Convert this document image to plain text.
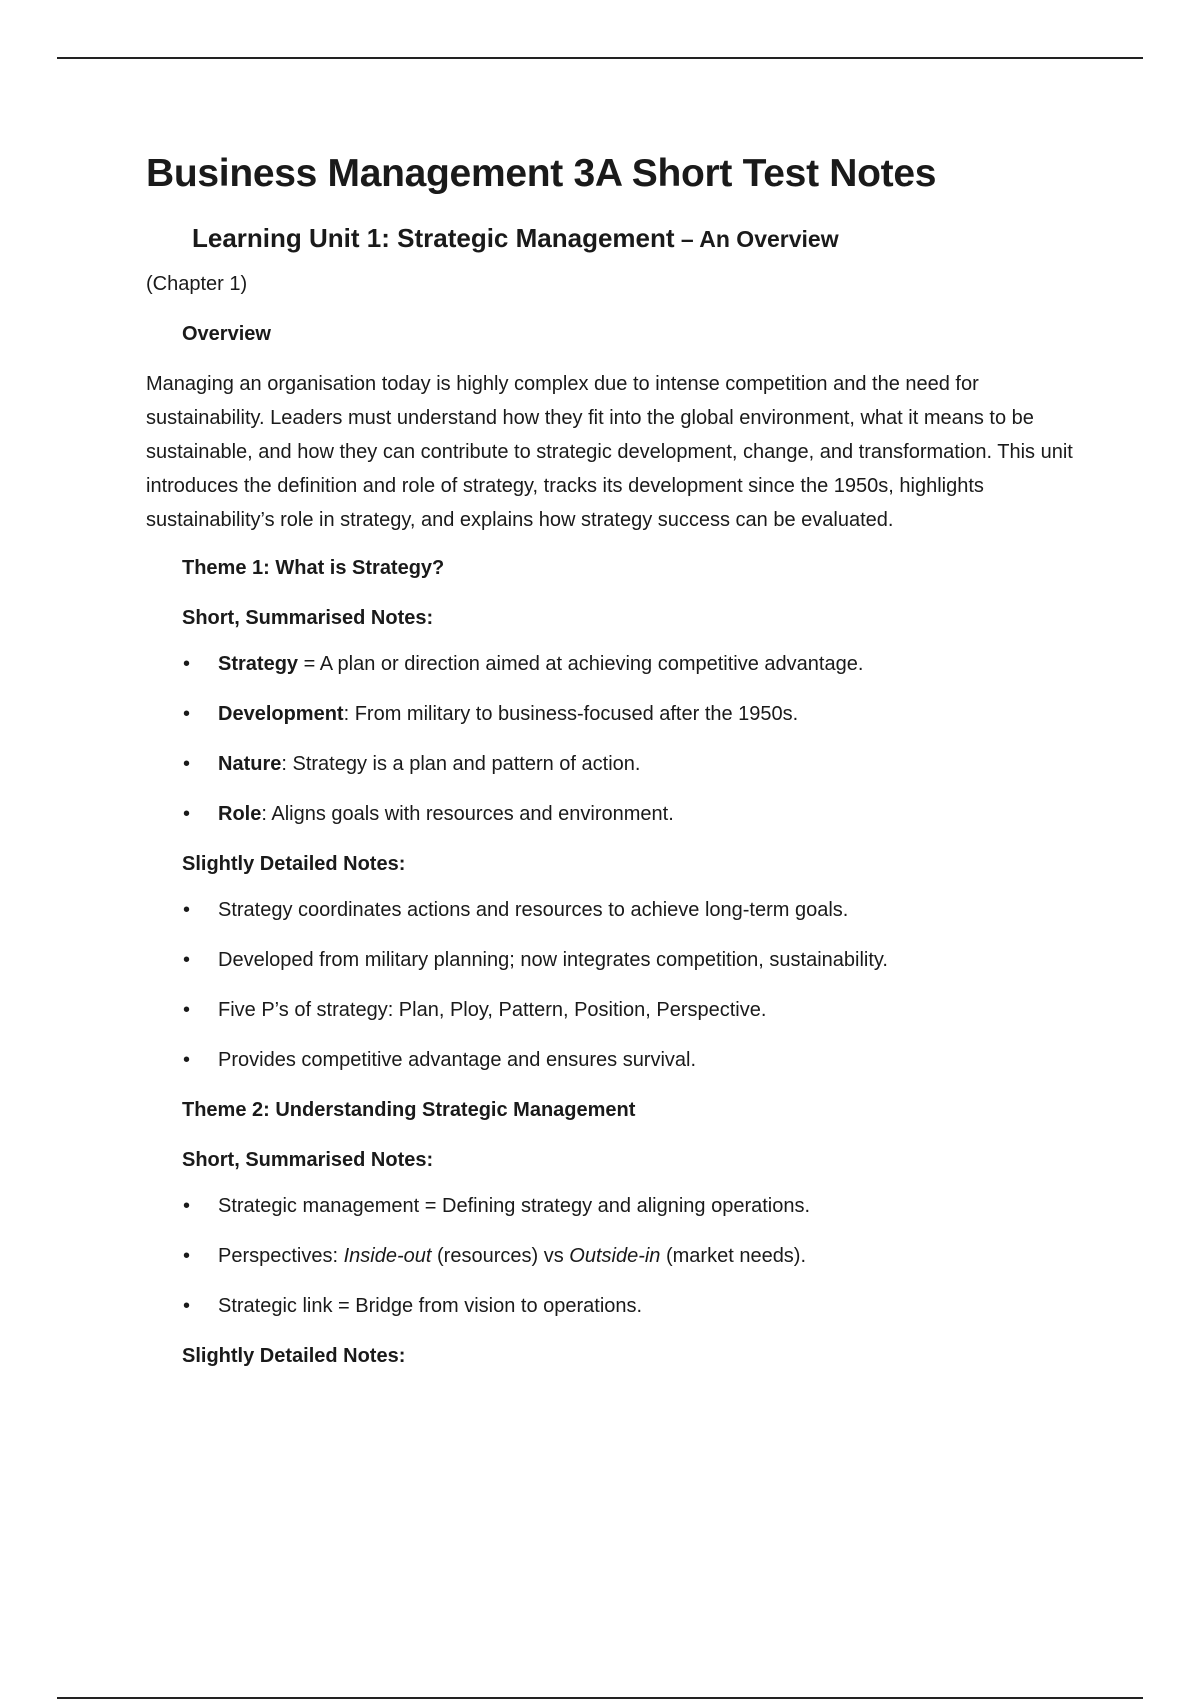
Business Management 3A Short Test Notes
Learning Unit 1: Strategic Management – An Overview
(Chapter 1)
Overview
Managing an organisation today is highly complex due to intense competition and the need for sustainability. Leaders must understand how they fit into the global environment, what it means to be sustainable, and how they can contribute to strategic development, change, and transformation. This unit introduces the definition and role of strategy, tracks its development since the 1950s, highlights sustainability’s role in strategy, and explains how strategy success can be evaluated.
Theme 1: What is Strategy?
Short, Summarised Notes:
• Strategy = A plan or direction aimed at achieving competitive advantage.
• Development: From military to business-focused after the 1950s.
• Nature: Strategy is a plan and pattern of action.
• Role: Aligns goals with resources and environment.
Slightly Detailed Notes:
• Strategy coordinates actions and resources to achieve long-term goals.
• Developed from military planning; now integrates competition, sustainability.
• Five P’s of strategy: Plan, Ploy, Pattern, Position, Perspective.
• Provides competitive advantage and ensures survival.
Theme 2: Understanding Strategic Management
Short, Summarised Notes:
• Strategic management = Defining strategy and aligning operations.
• Perspectives: Inside-out (resources) vs Outside-in (market needs).
• Strategic link = Bridge from vision to operations.
Slightly Detailed Notes:
